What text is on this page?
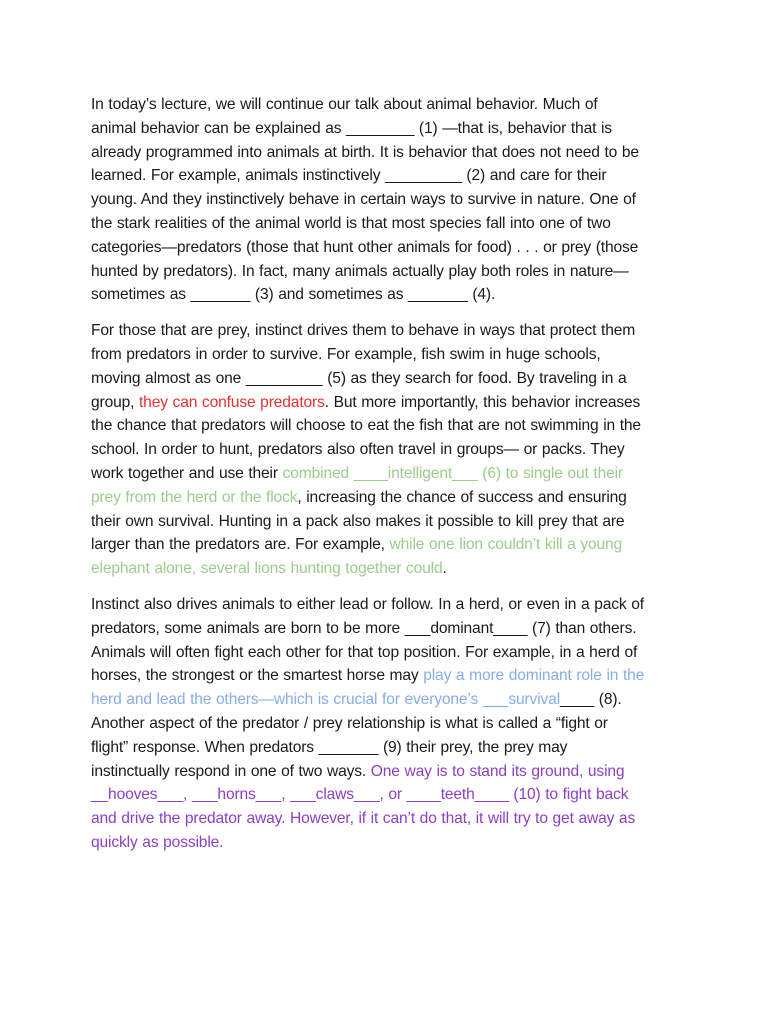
In today’s lecture, we will continue our talk about animal behavior. Much of
animal behavior can be explained as ________ (1) —that is, behavior that is
already programmed into animals at birth. It is behavior that does not need to be
learned. For example, animals instinctively _________ (2) and care for their
young. And they instinctively behave in certain ways to survive in nature. One of
the stark realities of the animal world is that most species fall into one of two
categories—predators (those that hunt other animals for food) . . . or prey (those
hunted by predators). In fact, many animals actually play both roles in nature—
sometimes as _______ (3) and sometimes as _______ (4).

For those that are prey, instinct drives them to behave in ways that protect them
from predators in order to survive. For example, fish swim in huge schools,
moving almost as one _________ (5) as they search for food. By traveling in a
group, they can confuse predators. But more importantly, this behavior increases
the chance that predators will choose to eat the fish that are not swimming in the
school. In order to hunt, predators also often travel in groups— or packs. They
work together and use their combined ____intelligent___ (6) to single out their
prey from the herd or the flock, increasing the chance of success and ensuring
their own survival. Hunting in a pack also makes it possible to kill prey that are
larger than the predators are. For example, while one lion couldn’t kill a young
elephant alone, several lions hunting together could.

Instinct also drives animals to either lead or follow. In a herd, or even in a pack of
predators, some animals are born to be more ___dominant____ (7) than others.
Animals will often fight each other for that top position. For example, in a herd of
horses, the strongest or the smartest horse may play a more dominant role in the
herd and lead the others—which is crucial for everyone’s ___survival____ (8).
Another aspect of the predator / prey relationship is what is called a “fight or
flight” response. When predators _______ (9) their prey, the prey may
instinctually respond in one of two ways. One way is to stand its ground, using
__hooves___, ___horns___, ___claws___, or ____teeth____ (10) to fight back
and drive the predator away. However, if it can’t do that, it will try to get away as
quickly as possible.
